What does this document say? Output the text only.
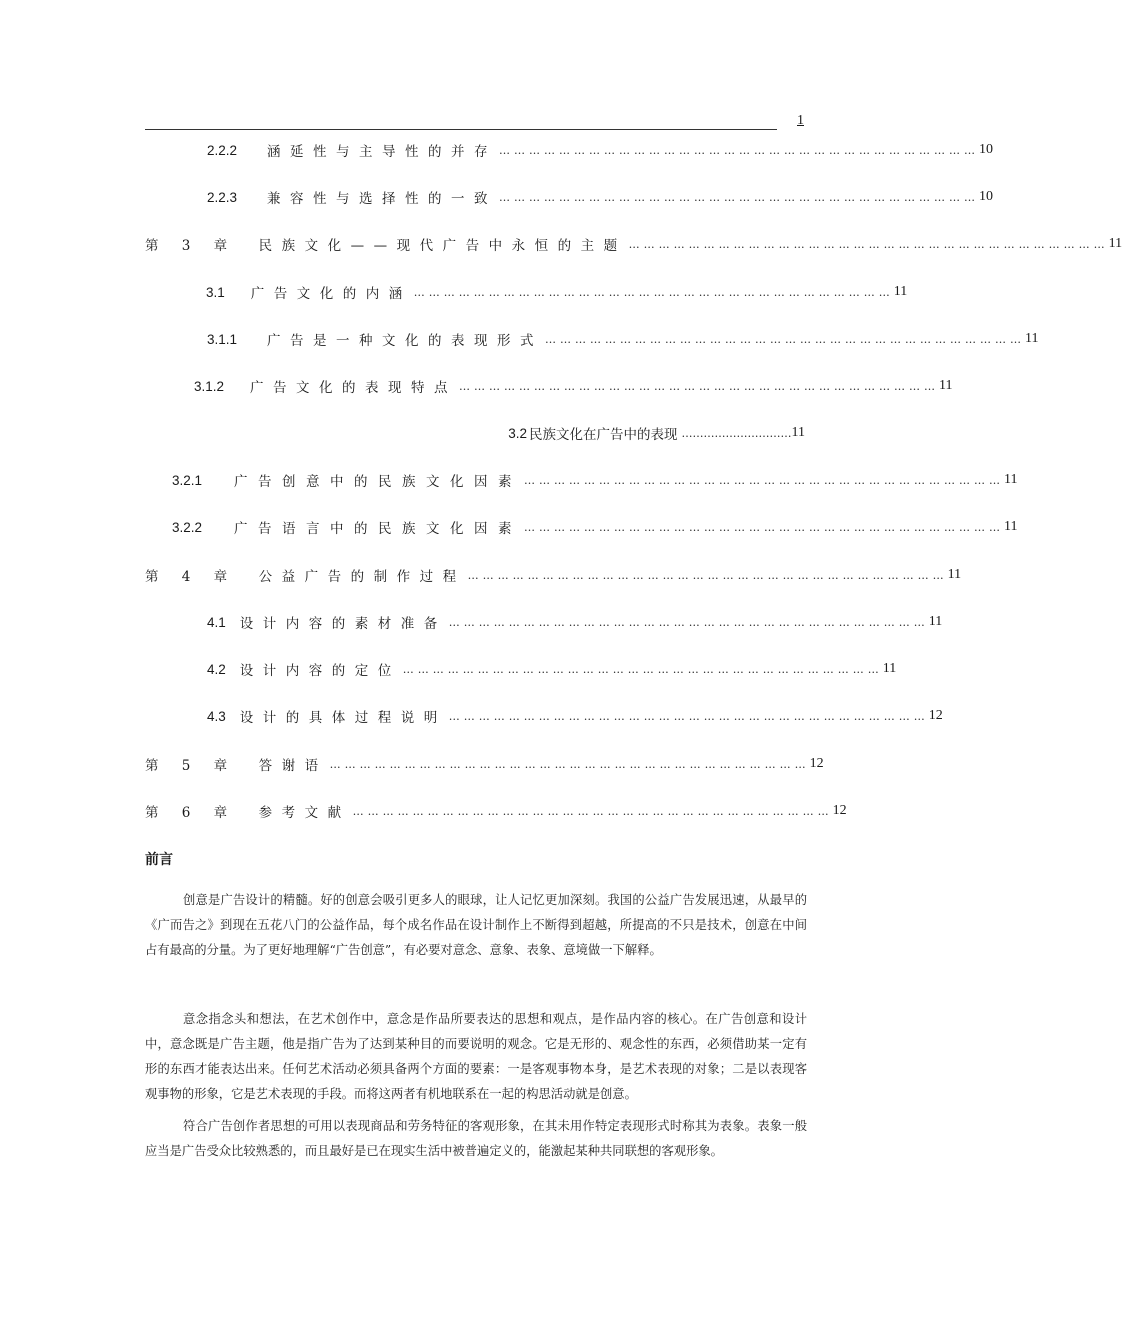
1
2.2.2 涵延性与主导性的并存 …………………………………………………………………………………… 10
2.2.3 兼容性与选择性的一致 …………………………………………………………………………………… 10
第 3 章 民族文化——现代广告中永恒的主题 …………………………………………………………………………………… 11
3.1 广告文化的内涵 …………………………………………………………………………………… 11
3.1.1 广告是一种文化的表现形式 …………………………………………………………………………………… 11
3.1.2 广告文化的表现特点 …………………………………………………………………………………… 11
3.2 民族文化在广告中的表现 ………………………… 11
3.2.1 广告创意中的民族文化因素 …………………………………………………………………………………… 11
3.2.2 广告语言中的民族文化因素 …………………………………………………………………………………… 11
第 4 章 公益广告的制作过程 …………………………………………………………………………………… 11
4.1 设计内容的素材准备 …………………………………………………………………………………… 11
4.2 设计内容的定位 …………………………………………………………………………………… 11
4.3 设计的具体过程说明 …………………………………………………………………………………… 12
第 5 章 答谢语 …………………………………………………………………………………… 12
第 6 章 参考文献 …………………………………………………………………………………… 12
前言

创意是广告设计的精髓。好的创意会吸引更多人的眼球，让人记忆更加深刻。我国的公益广告发展迅速，从最早的《广而告之》到现在五花八门的公益作品，每个成名作品在设计制作上不断得到超越，所提高的不只是技术，创意在中间占有最高的分量。为了更好地理解“广告创意”，有必要对意念、意象、表象、意境做一下解释。

意念指念头和想法，在艺术创作中，意念是作品所要表达的思想和观点，是作品内容的核心。在广告创意和设计中，意念既是广告主题，他是指广告为了达到某种目的而要说明的观念。它是无形的、观念性的东西，必须借助某一定有形的东西才能表达出来。任何艺术活动必须具备两个方面的要素：一是客观事物本身，是艺术表现的对象；二是以表现客观事物的形象，它是艺术表现的手段。而将这两者有机地联系在一起的构思活动就是创意。

符合广告创作者思想的可用以表现商品和劳务特征的客观形象，在其未用作特定表现形式时称其为表象。表象一般应当是广告受众比较熟悉的，而且最好是已在现实生活中被普遍定义的，能激起某种共同联想的客观形象。
